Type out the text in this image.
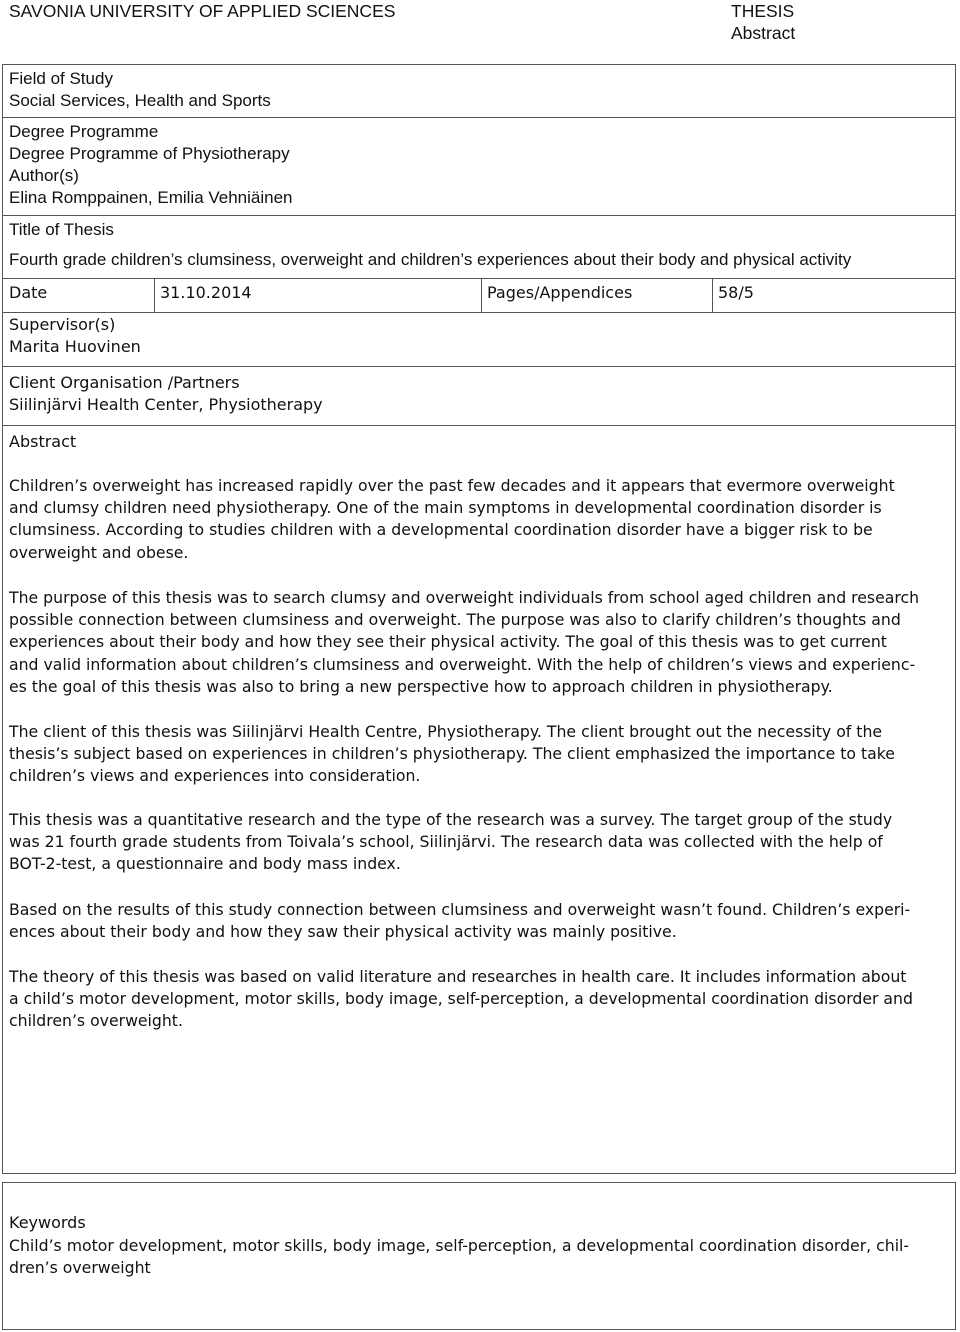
SAVONIA UNIVERSITY OF APPLIED SCIENCES	THESIS
Abstract
Field of Study
Social Services, Health and Sports
Degree Programme
Degree Programme of Physiotherapy
Author(s)
Elina Romppainen, Emilia Vehniäinen
Title of Thesis
Fourth grade children’s clumsiness, overweight and children’s experiences about their body and physical activity
Date	31.10.2014	Pages/Appendices	58/5
Supervisor(s)
Marita Huovinen
Client Organisation /Partners
Siilinjärvi Health Center, Physiotherapy
Abstract
Children’s overweight has increased rapidly over the past few decades and it appears that evermore overweight
and clumsy children need physiotherapy. One of the main symptoms in developmental coordination disorder is
clumsiness. According to studies children with a developmental coordination disorder have a bigger risk to be
overweight and obese.
The purpose of this thesis was to search clumsy and overweight individuals from school aged children and research
possible connection between clumsiness and overweight. The purpose was also to clarify children’s thoughts and
experiences about their body and how they see their physical activity. The goal of this thesis was to get current
and valid information about children’s clumsiness and overweight. With the help of children’s views and experienc-
es the goal of this thesis was also to bring a new perspective how to approach children in physiotherapy.
The client of this thesis was Siilinjärvi Health Centre, Physiotherapy. The client brought out the necessity of the
thesis’s subject based on experiences in children’s physiotherapy. The client emphasized the importance to take
children’s views and experiences into consideration.
This thesis was a quantitative research and the type of the research was a survey. The target group of the study
was 21 fourth grade students from Toivala’s school, Siilinjärvi. The research data was collected with the help of
BOT-2-test, a questionnaire and body mass index.
Based on the results of this study connection between clumsiness and overweight wasn’t found. Children’s experi-
ences about their body and how they saw their physical activity was mainly positive.
The theory of this thesis was based on valid literature and researches in health care. It includes information about
a child’s motor development, motor skills, body image, self-perception, a developmental coordination disorder and
children’s overweight.
Keywords
Child’s motor development, motor skills, body image, self-perception, a developmental coordination disorder, chil-
dren’s overweight
